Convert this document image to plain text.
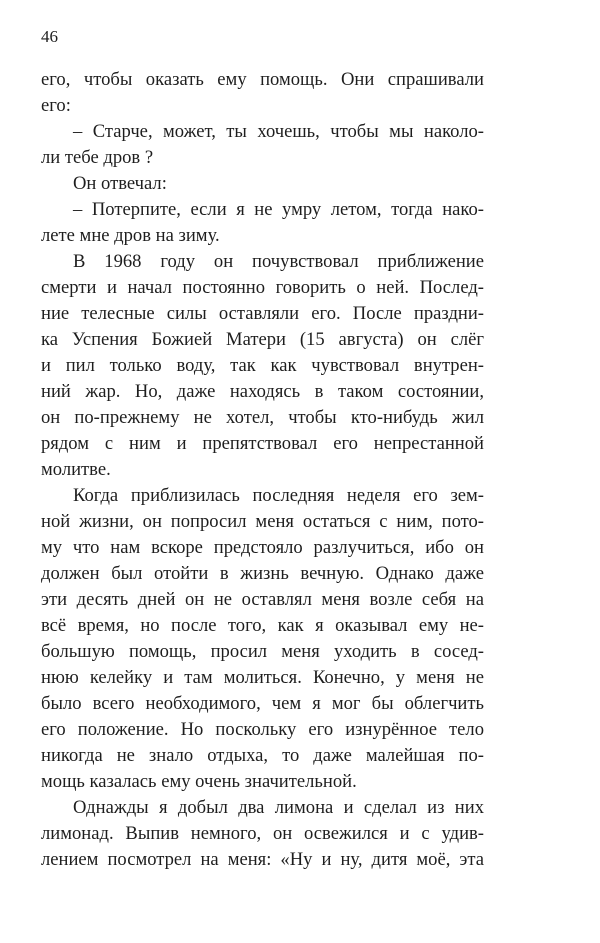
46
его, чтобы оказать ему помощь. Они спрашивали
его:
– Старче, может, ты хочешь, чтобы мы наколо-
ли тебе дров ?
Он отвечал:
– Потерпите, если я не умру летом, тогда нако-
лете мне дров на зиму.
В 1968 году он почувствовал приближение
смерти и начал постоянно говорить о ней. Послед-
ние телесные силы оставляли его. После праздни-
ка Успения Божией Матери (15 августа) он слёг
и пил только воду, так как чувствовал внутрен-
ний жар. Но, даже находясь в таком состоянии,
он по-прежнему не хотел, чтобы кто-нибудь жил
рядом с ним и препятствовал его непрестанной
молитве.
Когда приблизилась последняя неделя его зем-
ной жизни, он попросил меня остаться с ним, пото-
му что нам вскоре предстояло разлучиться, ибо он
должен был отойти в жизнь вечную. Однако даже
эти десять дней он не оставлял меня возле себя на
всё время, но после того, как я оказывал ему не-
большую помощь, просил меня уходить в сосед-
нюю келейку и там молиться. Конечно, у меня не
было всего необходимого, чем я мог бы облегчить
его положение. Но поскольку его изнурённое тело
никогда не знало отдыха, то даже малейшая по-
мощь казалась ему очень значительной.
Однажды я добыл два лимона и сделал из них
лимонад. Выпив немного, он освежился и с удив-
лением посмотрел на меня: «Ну и ну, дитя моё, эта
